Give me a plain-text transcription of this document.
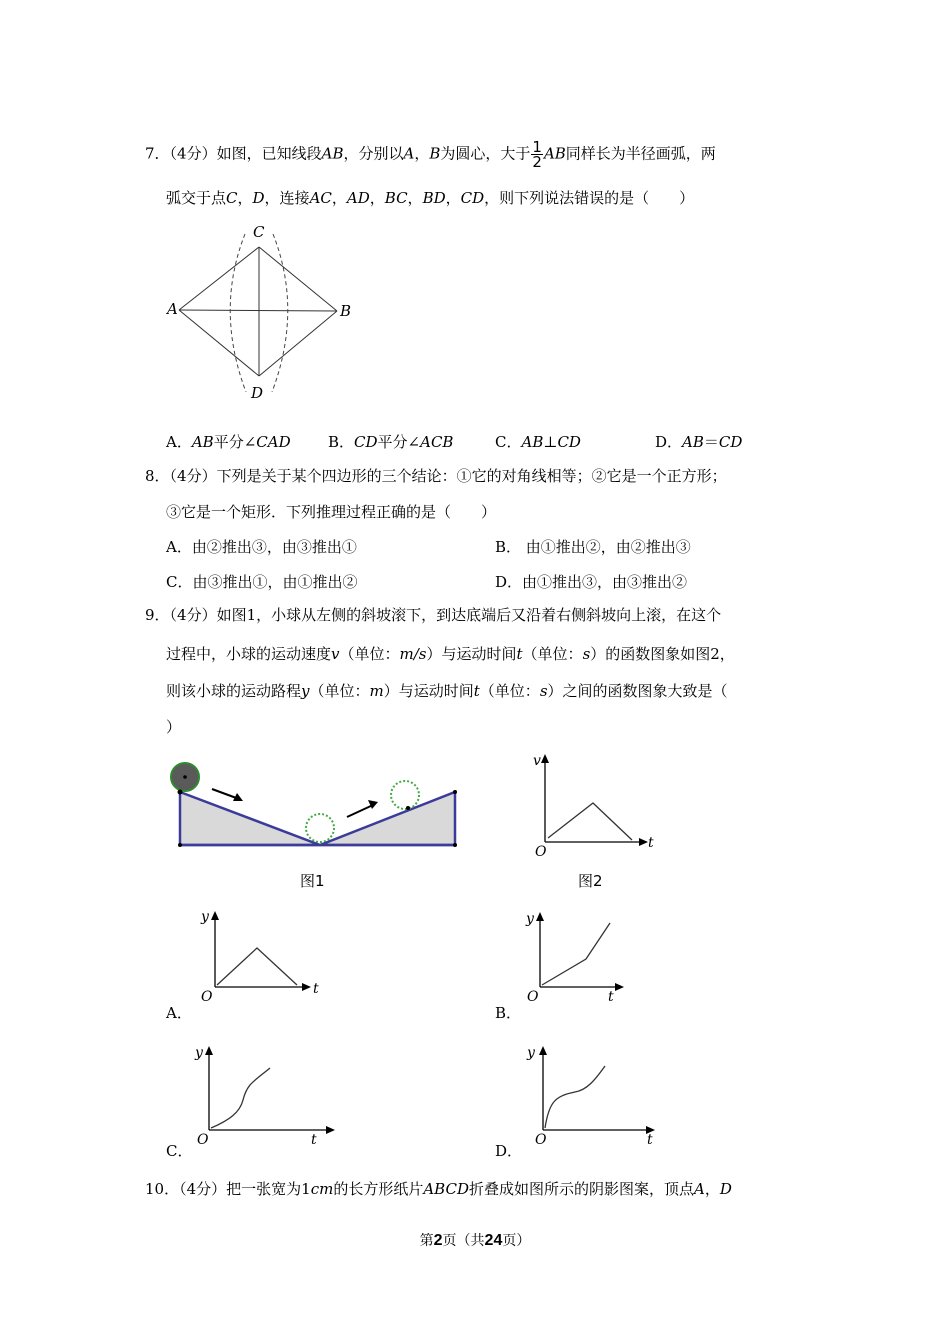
7．（4分）如图，已知线段AB，分别以A，B为圆心，大于 $\frac{1}{2}$ AB同样长为半径画弧，两
弧交于点C，D，连接AC，AD，BC，BD，CD，则下列说法错误的是（　　）
C
A	B
D
A．AB平分∠CAD B．CD平分∠ACB	C．AB⊥CD	D．AB＝CD
8．（4分）下列是关于某个四边形的三个结论：①它的对角线相等；②它是一个正方形；
③它是一个矩形．下列推理过程正确的是（　　）
A．由②推出③，由③推出①	B． 由①推出②，由②推出③
C．由③推出①，由①推出②	D．由①推出③，由③推出②
9．（4分）如图1，小球从左侧的斜坡滚下，到达底端后又沿着右侧斜坡向上滚，在这个
过程中，小球的运动速度v（单位：m/s）与运动时间t（单位：s）的函数图象如图2，
则该小球的运动路程y（单位：m）与运动时间t（单位：s）之间的函数图象大致是（
）
图1
v
t
O
图2
y
t
O
A．
y
t
O
B．
y
t
O
C．
y
t
O
D．
10．（4分）把一张宽为1cm的长方形纸片ABCD折叠成如图所示的阴影图案，顶点A，D
第2页（共24页）
